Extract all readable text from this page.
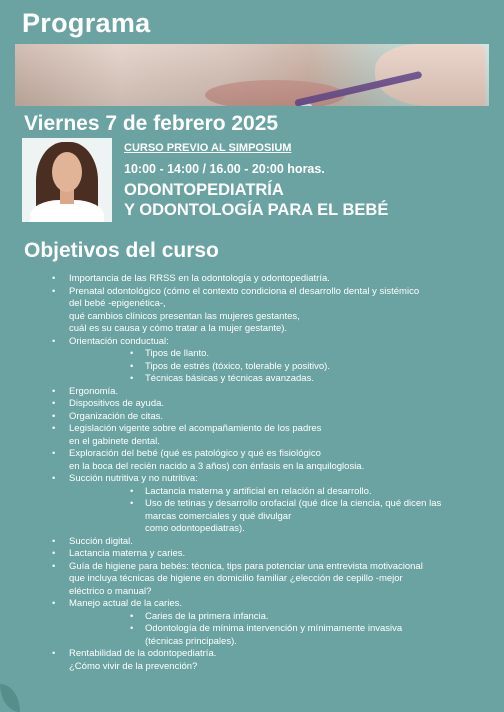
Programa
Viernes 7 de febrero 2025
CURSO PREVIO AL SIMPOSIUM
10:00 - 14:00 / 16.00 - 20:00 horas.
ODONTOPEDIATRÍA
Y ODONTOLOGÍA PARA EL BEBÉ
Objetivos del curso
• Importancia de las RRSS en la odontología y odontopediatría.
• Prenatal odontológico (cómo el contexto condiciona el desarrollo dental y sistémico
del bebé -epigenética-,
qué cambios clínicos presentan las mujeres gestantes,
cuál es su causa y cómo tratar a la mujer gestante).
• Orientación conductual:
• Tipos de llanto.
• Tipos de estrés (tóxico, tolerable y positivo).
• Técnicas básicas y técnicas avanzadas.
• Ergonomía.
• Dispositivos de ayuda.
• Organización de citas.
• Legislación vigente sobre el acompañamiento de los padres
en el gabinete dental.
• Exploración del bebé (qué es patológico y qué es fisiológico
en la boca del recién nacido a 3 años) con énfasis en la anquiloglosia.
• Succión nutritiva y no nutritiva:
• Lactancia materna y artificial en relación al desarrollo.
• Uso de tetinas y desarrollo orofacial (qué dice la ciencia, qué dicen las
marcas comerciales y qué divulgar
como odontopediatras).
• Succión digital.
• Lactancia materna y caries.
• Guía de higiene para bebés: técnica, tips para potenciar una entrevista motivacional
que incluya técnicas de higiene en domicilio familiar ¿elección de cepillo -mejor
eléctrico o manual?
• Manejo actual de la caries.
• Caries de la primera infancia.
• Odontología de mínima intervención y mínimamente invasiva
(técnicas principales).
• Rentabilidad de la odontopediatría.
¿Cómo vivir de la prevención?
